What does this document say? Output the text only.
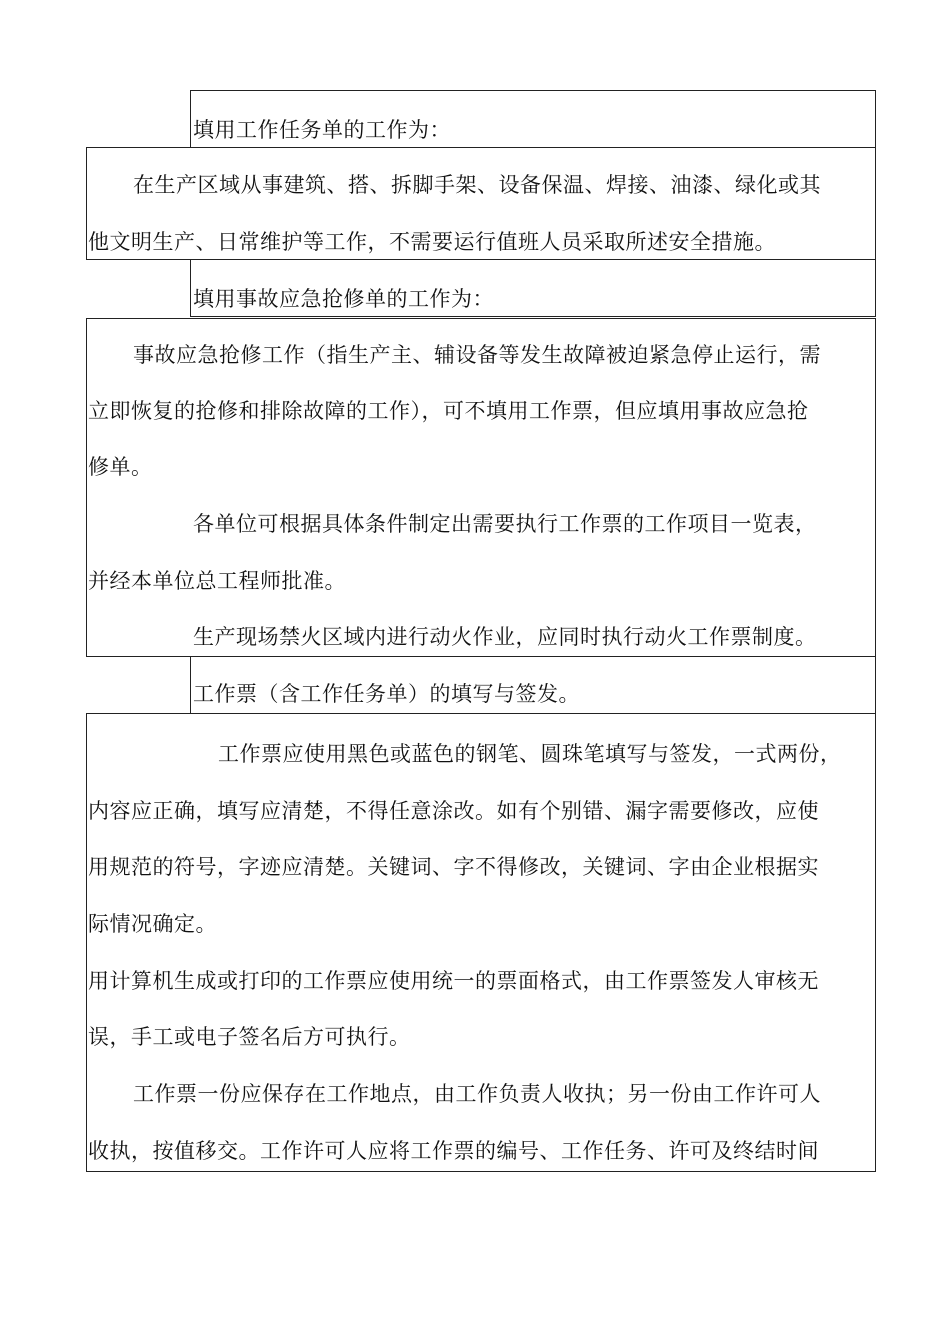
填用工作任务单的工作为：
在生产区域从事建筑、搭、拆脚手架、设备保温、焊接、油漆、绿化或其
他文明生产、日常维护等工作，不需要运行值班人员采取所述安全措施。
填用事故应急抢修单的工作为：
事故应急抢修工作（指生产主、辅设备等发生故障被迫紧急停止运行，需
立即恢复的抢修和排除故障的工作），可不填用工作票，但应填用事故应急抢
修单。
各单位可根据具体条件制定出需要执行工作票的工作项目一览表，
并经本单位总工程师批准。
生产现场禁火区域内进行动火作业，应同时执行动火工作票制度。
工作票（含工作任务单）的填写与签发。
工作票应使用黑色或蓝色的钢笔、圆珠笔填写与签发，一式两份，
内容应正确，填写应清楚，不得任意涂改。如有个别错、漏字需要修改，应使
用规范的符号，字迹应清楚。关键词、字不得修改，关键词、字由企业根据实
际情况确定。
用计算机生成或打印的工作票应使用统一的票面格式，由工作票签发人审核无
误，手工或电子签名后方可执行。
工作票一份应保存在工作地点，由工作负责人收执；另一份由工作许可人
收执，按值移交。工作许可人应将工作票的编号、工作任务、许可及终结时间
